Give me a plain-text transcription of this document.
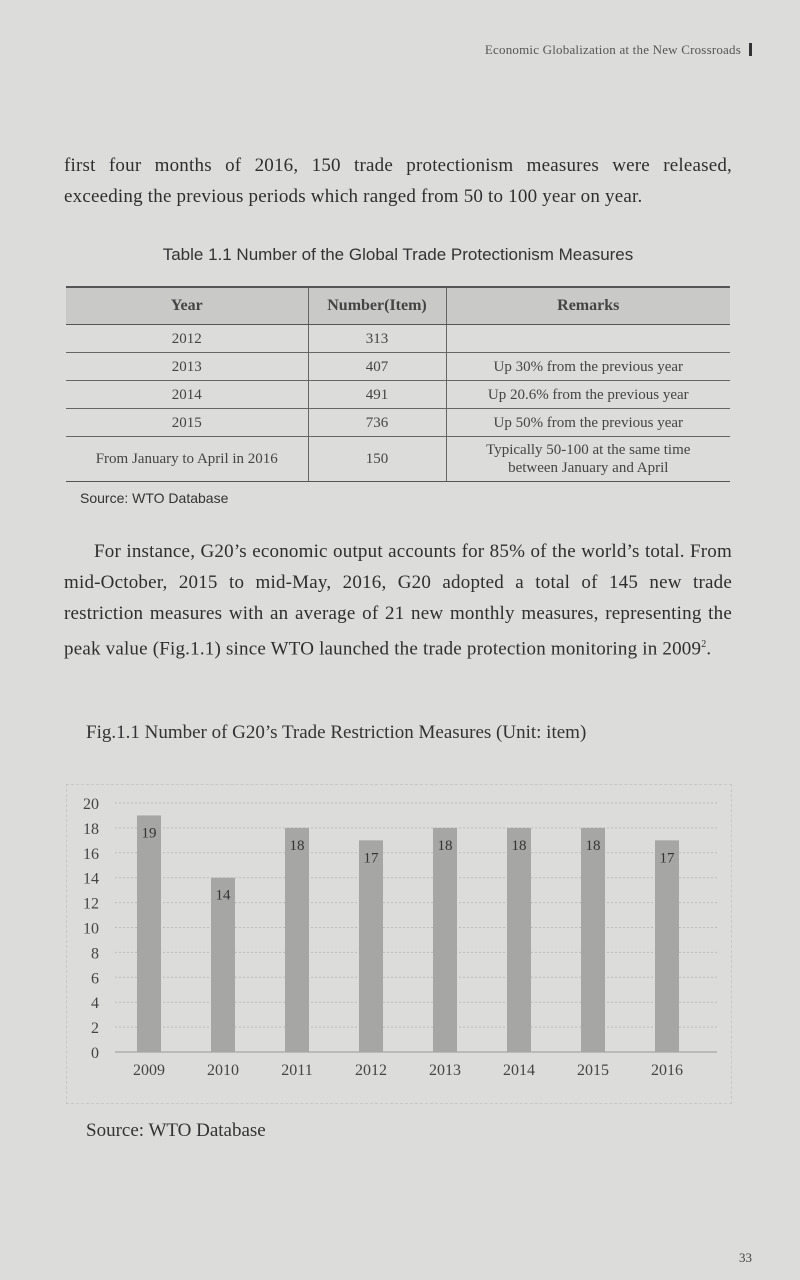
Economic Globalization at the New Crossroads

first four months of 2016, 150 trade protectionism measures were released, exceeding the previous periods which ranged from 50 to 100 year on year.

Table 1.1 Number of the Global Trade Protectionism Measures
Year	Number(Item)	Remarks
2012	313	
2013	407	Up 30% from the previous year
2014	491	Up 20.6% from the previous year
2015	736	Up 50% from the previous year
From January to April in 2016	150	Typically 50-100 at the same time
between January and April
Source: WTO Database

For instance, G20’s economic output accounts for 85% of the world’s total. From mid-October, 2015 to mid-May, 2016, G20 adopted a total of 145 new trade restriction measures with an average of 21 new monthly measures, representing the peak value (Fig.1.1) since WTO launched the trade protection monitoring in 2009$^2$.

Fig.1.1 Number of G20’s Trade Restriction Measures (Unit: item)
0
2
4
6
8
10
12
14
16
18
20
19
2009
14
2010
18
2011
17
2012
18
2013
18
2014
18
2015
17
2016
Source: WTO Database
33
